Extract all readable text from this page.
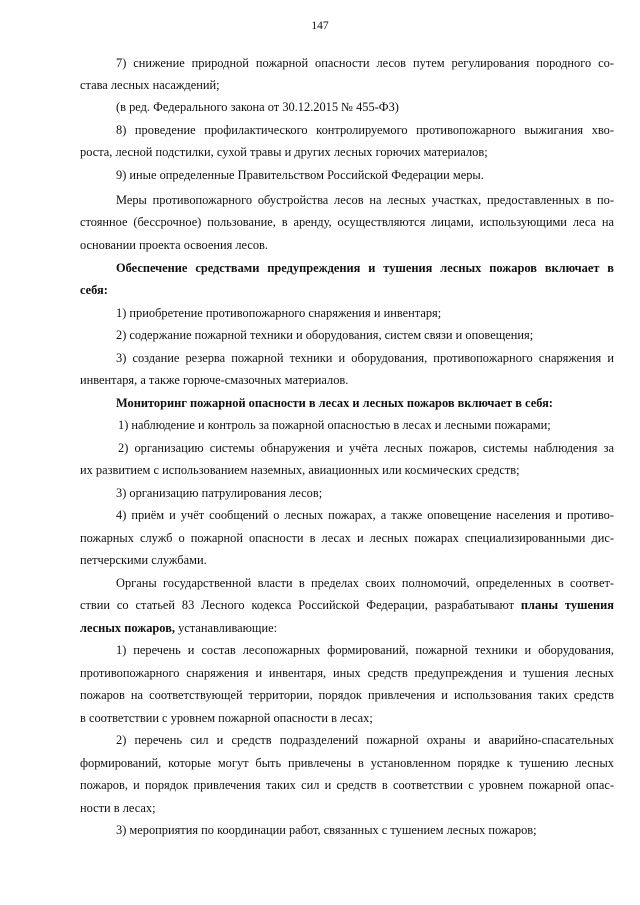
147
7) снижение природной пожарной опасности лесов путем регулирования породного со-
става лесных насаждений;
(в ред. Федерального закона от 30.12.2015 № 455-ФЗ)
8) проведение профилактического контролируемого противопожарного выжигания хво-
роста, лесной подстилки, сухой травы и других лесных горючих материалов;
9) иные определенные Правительством Российской Федерации меры.
Меры противопожарного обустройства лесов на лесных участках, предоставленных в по-
стоянное (бессрочное) пользование, в аренду, осуществляются лицами, использующими леса на
основании проекта освоения лесов.
Обеспечение средствами предупреждения и тушения лесных пожаров включает в
себя:
1) приобретение противопожарного снаряжения и инвентаря;
2) содержание пожарной техники и оборудования, систем связи и оповещения;
3) создание резерва пожарной техники и оборудования, противопожарного снаряжения и
инвентаря, а также горюче-смазочных материалов.
Мониторинг пожарной опасности в лесах и лесных пожаров включает в себя:
1) наблюдение и контроль за пожарной опасностью в лесах и лесными пожарами;
2) организацию системы обнаружения и учёта лесных пожаров, системы наблюдения за
их развитием с использованием наземных, авиационных или космических средств;
3) организацию патрулирования лесов;
4) приём и учёт сообщений о лесных пожарах, а также оповещение населения и противо-
пожарных служб о пожарной опасности в лесах и лесных пожарах специализированными дис-
петчерскими службами.
Органы государственной власти в пределах своих полномочий, определенных в соответ-
ствии со статьей 83 Лесного кодекса Российской Федерации, разрабатывают планы тушения
лесных пожаров, устанавливающие:
1) перечень и состав лесопожарных формирований, пожарной техники и оборудования,
противопожарного снаряжения и инвентаря, иных средств предупреждения и тушения лесных
пожаров на соответствующей территории, порядок привлечения и использования таких средств
в соответствии с уровнем пожарной опасности в лесах;
2) перечень сил и средств подразделений пожарной охраны и аварийно-спасательных
формирований, которые могут быть привлечены в установленном порядке к тушению лесных
пожаров, и порядок привлечения таких сил и средств в соответствии с уровнем пожарной опас-
ности в лесах;
3) мероприятия по координации работ, связанных с тушением лесных пожаров;
